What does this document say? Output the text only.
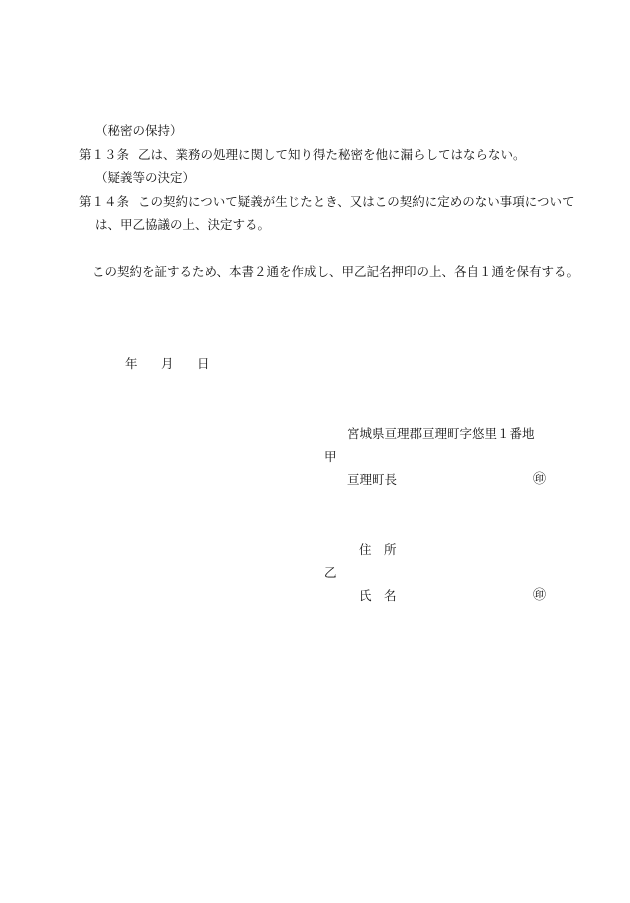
（秘密の保持）
第１３条 乙は、業務の処理に関して知り得た秘密を他に漏らしてはならない。
（疑義等の決定）
第１４条 この契約について疑義が生じたとき、又はこの契約に定めのない事項について
は、甲乙協議の上、決定する。
この契約を証するため、本書２通を作成し、甲乙記名押印の上、各自１通を保有する。
年 月 日
宮城県亘理郡亘理町字悠里１番地
甲
亘理町長	㊞
住　所
乙
氏　名	㊞
